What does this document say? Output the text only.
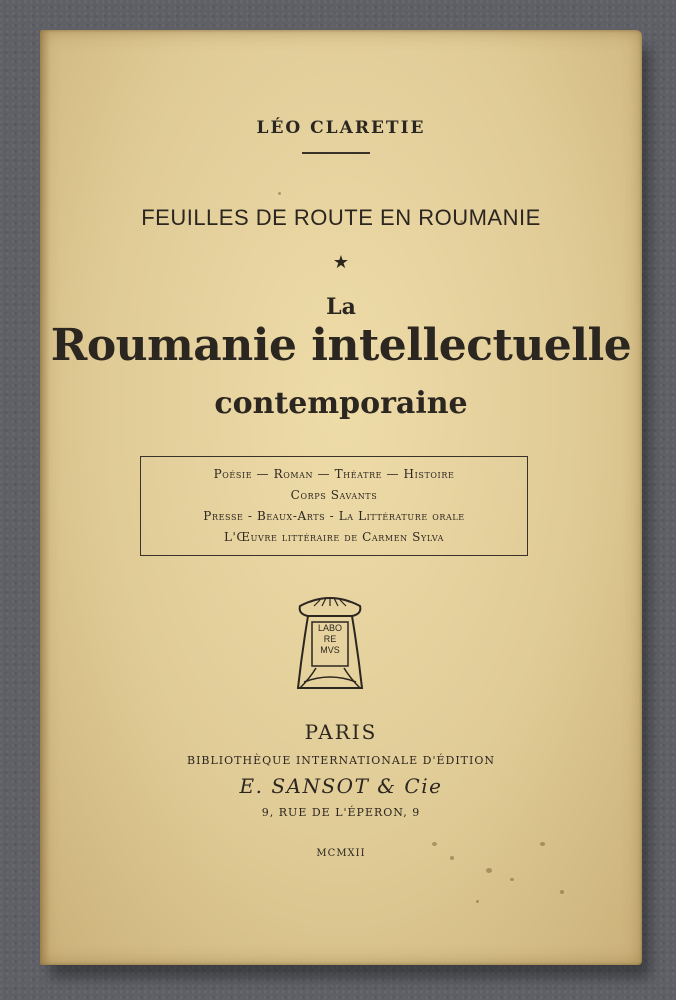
LÉO CLARETIE
FEUILLES DE ROUTE EN ROUMANIE
★
La
Roumanie intellectuelle
contemporaine
Poésie — Roman — Théatre — Histoire
Corps Savants
Presse - Beaux-Arts - La Littérature orale
L'Œuvre littéraire de Carmen Sylva
LABO
RE
MVS
PARIS
BIBLIOTHÈQUE INTERNATIONALE D'ÉDITION
E. SANSOT & Cie
9, RUE DE L'ÉPERON, 9
MCMXII
